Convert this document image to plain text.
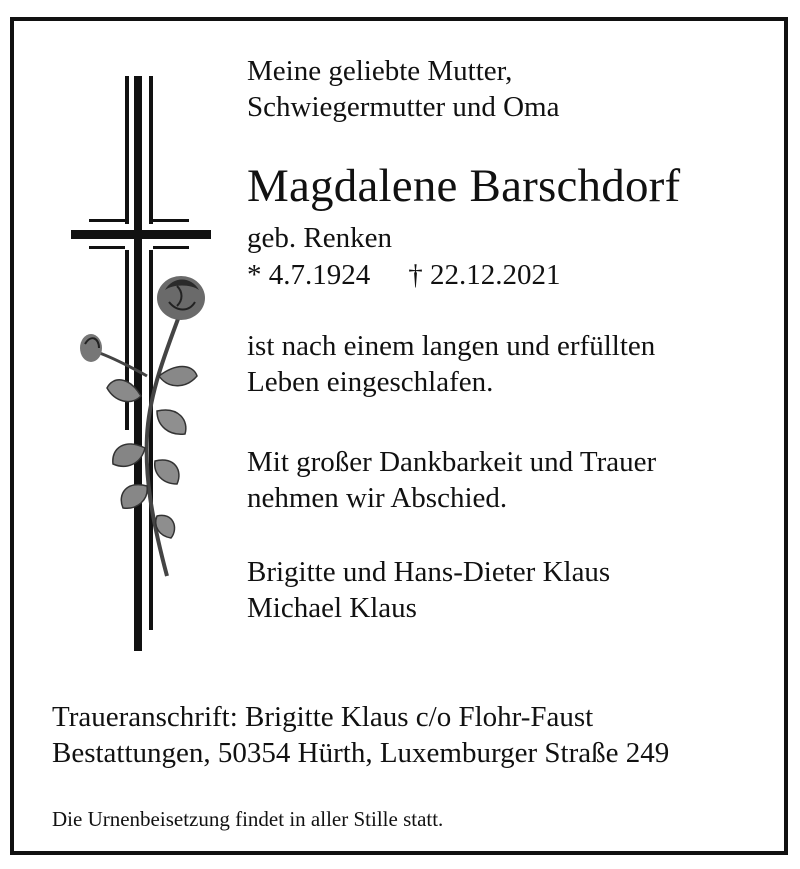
Meine geliebte Mutter,
Schwiegermutter und Oma

Magdalene Barschdorf

geb. Renken

* 4.7.1924 † 22.12.2021

ist nach einem langen und erfüllten
Leben eingeschlafen.

Mit großer Dankbarkeit und Trauer
nehmen wir Abschied.

Brigitte und Hans-Dieter Klaus
Michael Klaus

Traueranschrift: Brigitte Klaus c/o Flohr-Faust
Bestattungen, 50354 Hürth, Luxemburger Straße 249

Die Urnenbeisetzung findet in aller Stille statt.
